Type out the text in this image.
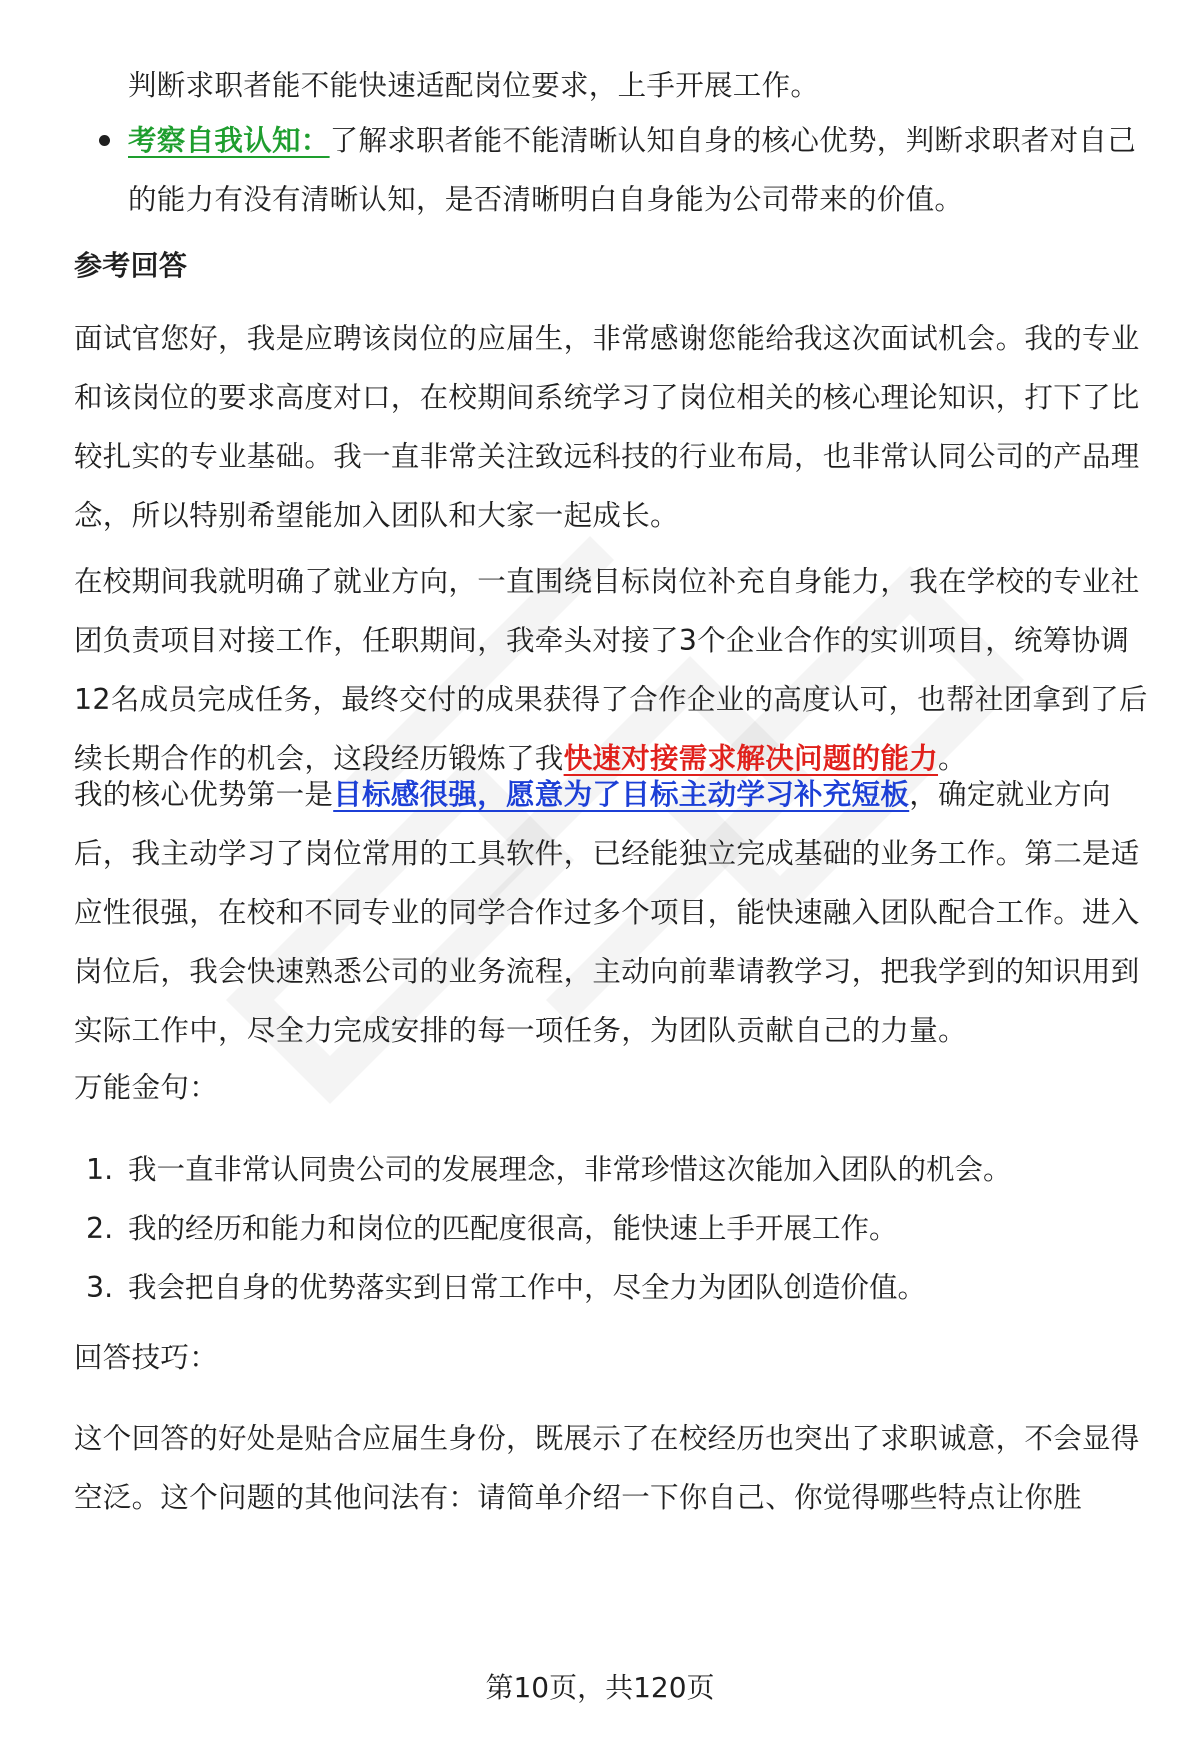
判断求职者能不能快速适配岗位要求，上手开展工作。

考察自我认知：了解求职者能不能清晰认知自身的核心优势，判断求职者对自己的能力有没有清晰认知，是否清晰明白自身能为公司带来的价值。

参考回答

面试官您好，我是应聘该岗位的应届生，非常感谢您能给我这次面试机会。我的专业和该岗位的要求高度对口，在校期间系统学习了岗位相关的核心理论知识，打下了比较扎实的专业基础。我一直非常关注致远科技的行业布局，也非常认同公司的产品理念，所以特别希望能加入团队和大家一起成长。

在校期间我就明确了就业方向，一直围绕目标岗位补充自身能力，我在学校的专业社团负责项目对接工作，任职期间，我牵头对接了3个企业合作的实训项目，统筹协调12名成员完成任务，最终交付的成果获得了合作企业的高度认可，也帮社团拿到了后续长期合作的机会，这段经历锻炼了我快速对接需求解决问题的能力。

我的核心优势第一是目标感很强，愿意为了目标主动学习补充短板，确定就业方向后，我主动学习了岗位常用的工具软件，已经能独立完成基础的业务工作。第二是适应性很强，在校和不同专业的同学合作过多个项目，能快速融入团队配合工作。进入岗位后，我会快速熟悉公司的业务流程，主动向前辈请教学习，把我学到的知识用到实际工作中，尽全力完成安排的每一项任务，为团队贡献自己的力量。

万能金句：

1. 我一直非常认同贵公司的发展理念，非常珍惜这次能加入团队的机会。
2. 我的经历和能力和岗位的匹配度很高，能快速上手开展工作。
3. 我会把自身的优势落实到日常工作中，尽全力为团队创造价值。

回答技巧：

这个回答的好处是贴合应届生身份，既展示了在校经历也突出了求职诚意，不会显得空泛。这个问题的其他问法有：请简单介绍一下你自己、你觉得哪些特点让你胜

第10页，共120页
